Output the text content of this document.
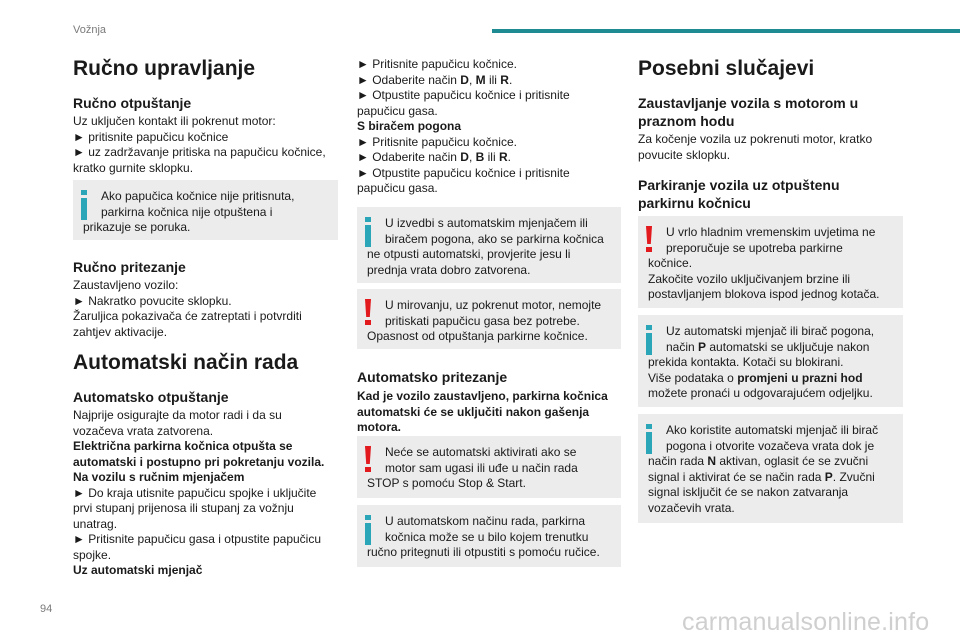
Vožnja
Ručno upravljanje
Ručno otpuštanje
Uz uključen kontakt ili pokrenut motor:
► pritisnite papučicu kočnice
► uz zadržavanje pritiska na papučicu kočnice,
kratko gurnite sklopku.
Ako papučica kočnice nije pritisnuta,
parkirna kočnica nije otpuštena i
prikazuje se poruka.
Ručno pritezanje
Zaustavljeno vozilo:
► Nakratko povucite sklopku.
Žaruljica pokazivača će zatreptati i potvrditi
zahtjev aktivacije.
Automatski način rada
Automatsko otpuštanje
Najprije osigurajte da motor radi i da su
vozačeva vrata zatvorena.
Električna parkirna kočnica otpušta se
automatski i postupno pri pokretanju vozila.
Na vozilu s ručnim mjenjačem
► Do kraja utisnite papučicu spojke i uključite
prvi stupanj prijenosa ili stupanj za vožnju
unatrag.
► Pritisnite papučicu gasa i otpustite papučicu
spojke.
Uz automatski mjenjač
► Pritisnite papučicu kočnice.
► Odaberite način D, M ili R.
► Otpustite papučicu kočnice i pritisnite
papučicu gasa.
S biračem pogona
► Pritisnite papučicu kočnice.
► Odaberite način D, B ili R.
► Otpustite papučicu kočnice i pritisnite
papučicu gasa.
U izvedbi s automatskim mjenjačem ili
biračem pogona, ako se parkirna kočnica
ne otpusti automatski, provjerite jesu li
prednja vrata dobro zatvorena.
U mirovanju, uz pokrenut motor, nemojte
pritiskati papučicu gasa bez potrebe.
Opasnost od otpuštanja parkirne kočnice.
Automatsko pritezanje
Kad je vozilo zaustavljeno, parkirna kočnica
automatski će se uključiti nakon gašenja
motora.
Neće se automatski aktivirati ako se
motor sam ugasi ili uđe u način rada
STOP s pomoću Stop & Start.
U automatskom načinu rada, parkirna
kočnica može se u bilo kojem trenutku
ručno pritegnuti ili otpustiti s pomoću ručice.
Posebni slučajevi
Zaustavljanje vozila s motorom u
praznom hodu
Za kočenje vozila uz pokrenuti motor, kratko
povucite sklopku.
Parkiranje vozila uz otpuštenu
parkirnu kočnicu
U vrlo hladnim vremenskim uvjetima ne
preporučuje se upotreba parkirne
kočnice.
Zakočite vozilo uključivanjem brzine ili
postavljanjem blokova ispod jednog kotača.
Uz automatski mjenjač ili birač pogona,
način P automatski se uključuje nakon
prekida kontakta. Kotači su blokirani.
Više podataka o promjeni u prazni hod
možete pronaći u odgovarajućem odjeljku.
Ako koristite automatski mjenjač ili birač
pogona i otvorite vozačeva vrata dok je
način rada N aktivan, oglasit će se zvučni
signal i aktivirat će se način rada P. Zvučni
signal isključit će se nakon zatvaranja
vozačevih vrata.
94	carmanualsonline.info
